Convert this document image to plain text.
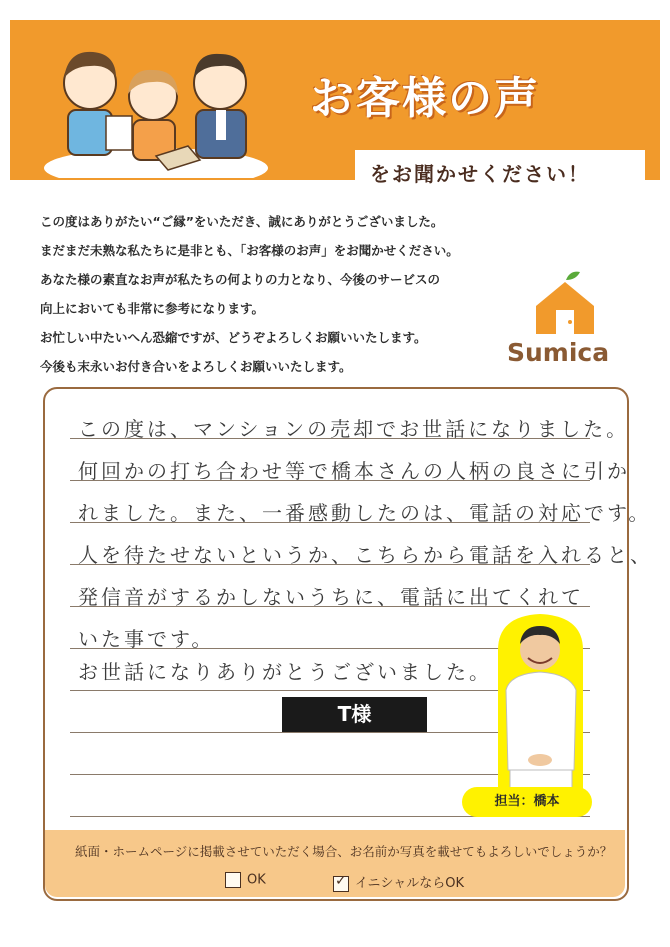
お客様の声
をお聞かせください！
この度はありがたい“ご縁”をいただき、誠にありがとうございました。
まだまだ未熟な私たちに是非とも、「お客様のお声」をお聞かせください。
あなた様の素直なお声が私たちの何よりの力となり、今後のサービスの
向上においても非常に参考になります。
お忙しい中たいへん恐縮ですが、どうぞよろしくお願いいたします。
今後も末永いお付き合いをよろしくお願いいたします。	Sumica
この度は、マンションの売却でお世話になりました。
何回かの打ち合わせ等で橋本さんの人柄の良さに引か
れました。また、一番感動したのは、電話の対応です。
人を待たせないというか、こちらから電話を入れると、
発信音がするかしないうちに、電話に出てくれて
いた事です。
お世話になりありがとうございました。
T様
担当：橋本
紙面・ホームページに掲載させていただく場合、お名前か写真を載せてもよろしいでしょうか？
OK	✓ イニシャルならOK
